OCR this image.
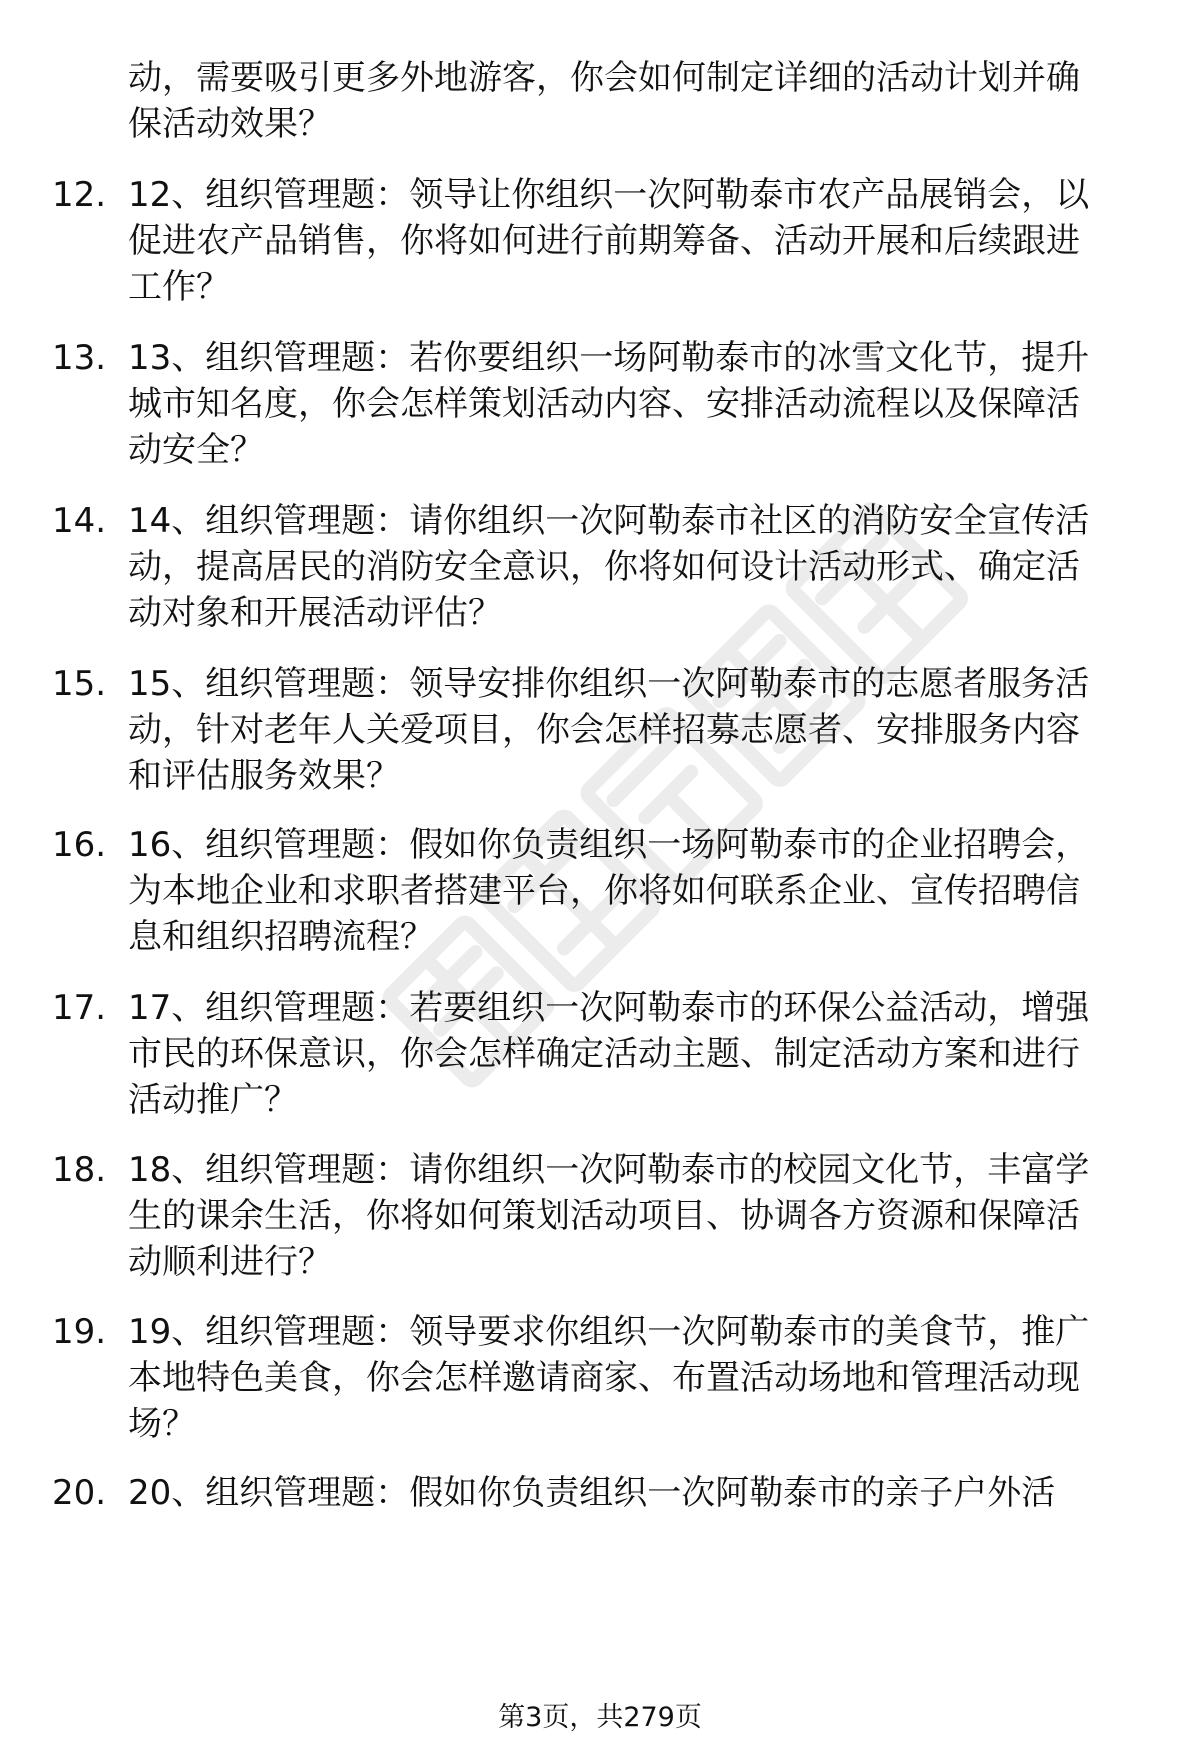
职场资料库
动，需要吸引更多外地游客，你会如何制定详细的活动计划并确
保活动效果？
12. 12、组织管理题：领导让你组织一次阿勒泰市农产品展销会，以
促进农产品销售，你将如何进行前期筹备、活动开展和后续跟进
工作？
13. 13、组织管理题：若你要组织一场阿勒泰市的冰雪文化节，提升
城市知名度，你会怎样策划活动内容、安排活动流程以及保障活
动安全？
14. 14、组织管理题：请你组织一次阿勒泰市社区的消防安全宣传活
动，提高居民的消防安全意识，你将如何设计活动形式、确定活
动对象和开展活动评估？
15. 15、组织管理题：领导安排你组织一次阿勒泰市的志愿者服务活
动，针对老年人关爱项目，你会怎样招募志愿者、安排服务内容
和评估服务效果？
16. 16、组织管理题：假如你负责组织一场阿勒泰市的企业招聘会，
为本地企业和求职者搭建平台，你将如何联系企业、宣传招聘信
息和组织招聘流程？
17. 17、组织管理题：若要组织一次阿勒泰市的环保公益活动，增强
市民的环保意识，你会怎样确定活动主题、制定活动方案和进行
活动推广？
18. 18、组织管理题：请你组织一次阿勒泰市的校园文化节，丰富学
生的课余生活，你将如何策划活动项目、协调各方资源和保障活
动顺利进行？
19. 19、组织管理题：领导要求你组织一次阿勒泰市的美食节，推广
本地特色美食，你会怎样邀请商家、布置活动场地和管理活动现
场？
20. 20、组织管理题：假如你负责组织一次阿勒泰市的亲子户外活
第3页，共279页
